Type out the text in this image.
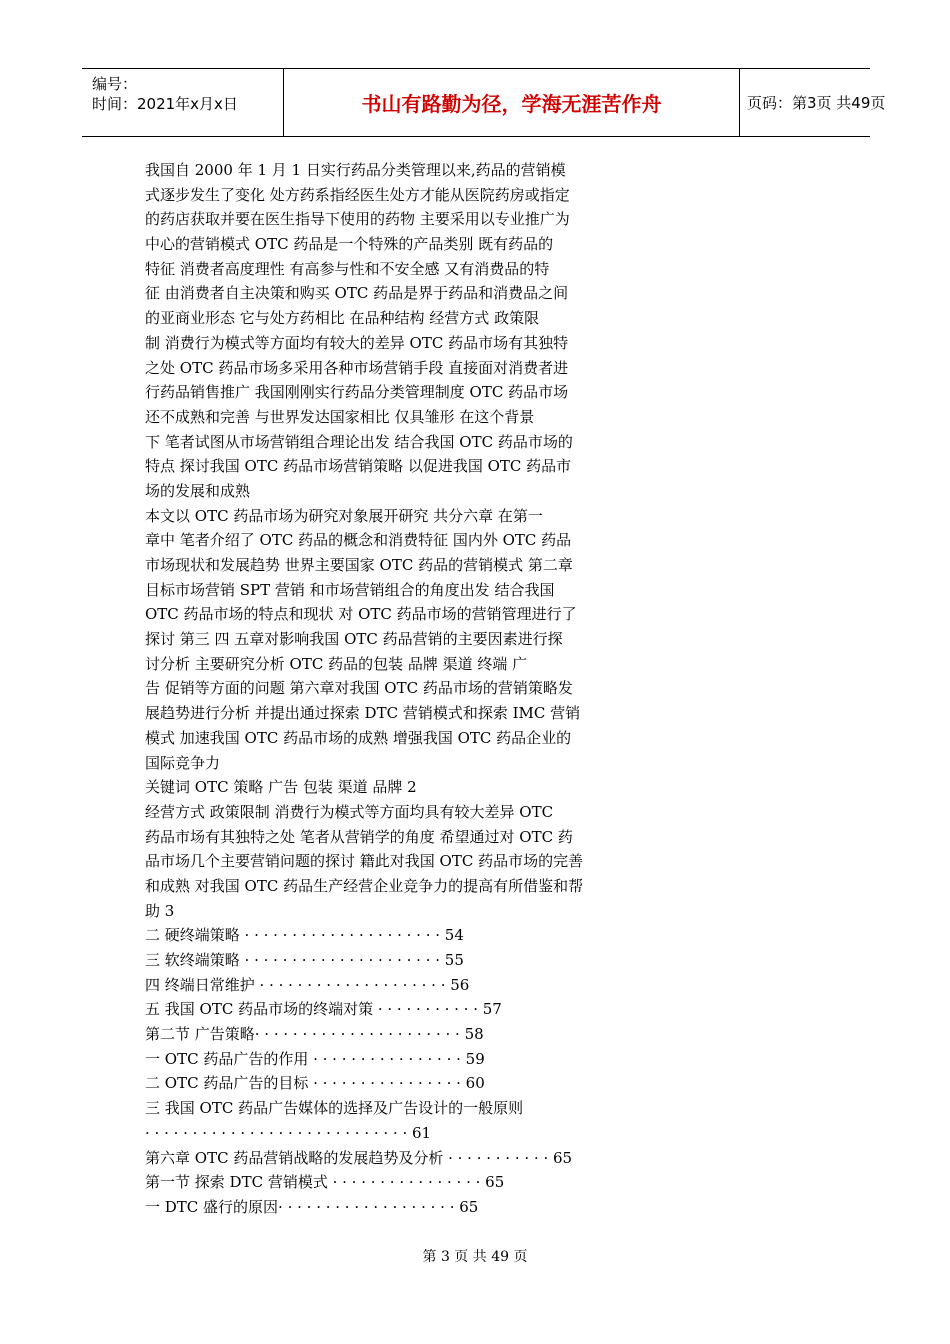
编号：
时间：2021年x月x日	书山有路勤为径，学海无涯苦作舟	页码：第3页 共49页
我国自 2000 年 1 月 1 日实行药品分类管理以来,药品的营销模
式逐步发生了变化 处方药系指经医生处方才能从医院药房或指定
的药店获取并要在医生指导下使用的药物 主要采用以专业推广为
中心的营销模式 OTC 药品是一个特殊的产品类别 既有药品的
特征 消费者高度理性 有高参与性和不安全感 又有消费品的特
征 由消费者自主决策和购买 OTC 药品是界于药品和消费品之间
的亚商业形态 它与处方药相比 在品种结构 经营方式 政策限
制 消费行为模式等方面均有较大的差异 OTC 药品市场有其独特
之处 OTC 药品市场多采用各种市场营销手段 直接面对消费者进
行药品销售推广 我国刚刚实行药品分类管理制度 OTC 药品市场
还不成熟和完善 与世界发达国家相比 仅具雏形 在这个背景
下 笔者试图从市场营销组合理论出发 结合我国 OTC 药品市场的
特点 探讨我国 OTC 药品市场营销策略 以促进我国 OTC 药品市
场的发展和成熟
本文以 OTC 药品市场为研究对象展开研究 共分六章 在第一
章中 笔者介绍了 OTC 药品的概念和消费特征 国内外 OTC 药品
市场现状和发展趋势 世界主要国家 OTC 药品的营销模式 第二章
目标市场营销 SPT 营销 和市场营销组合的角度出发 结合我国
OTC 药品市场的特点和现状 对 OTC 药品市场的营销管理进行了
探讨 第三 四 五章对影响我国 OTC 药品营销的主要因素进行探
讨分析 主要研究分析 OTC 药品的包装 品牌 渠道 终端 广
告 促销等方面的问题 第六章对我国 OTC 药品市场的营销策略发
展趋势进行分析 并提出通过探索 DTC 营销模式和探索 IMC 营销
模式 加速我国 OTC 药品市场的成熟 增强我国 OTC 药品企业的
国际竞争力
关键词 OTC 策略 广告 包装 渠道 品牌 2
经营方式 政策限制 消费行为模式等方面均具有较大差异 OTC
药品市场有其独特之处 笔者从营销学的角度 希望通过对 OTC 药
品市场几个主要营销问题的探讨 籍此对我国 OTC 药品市场的完善
和成熟 对我国 OTC 药品生产经营企业竞争力的提高有所借鉴和帮
助 3
二 硬终端策略 · · · · · · · · · · · · · · · · · · · · · 54
三 软终端策略 · · · · · · · · · · · · · · · · · · · · · 55
四 终端日常维护 · · · · · · · · · · · · · · · · · · · · 56
五 我国 OTC 药品市场的终端对策 · · · · · · · · · · · 57
第二节 广告策略· · · · · · · · · · · · · · · · · · · · · · 58
一 OTC 药品广告的作用 · · · · · · · · · · · · · · · · 59
二 OTC 药品广告的目标 · · · · · · · · · · · · · · · · 60
三 我国 OTC 药品广告媒体的选择及广告设计的一般原则
· · · · · · · · · · · · · · · · · · · · · · · · · · · · 61
第六章 OTC 药品营销战略的发展趋势及分析 · · · · · · · · · · · 65
第一节 探索 DTC 营销模式 · · · · · · · · · · · · · · · · 65
一 DTC 盛行的原因· · · · · · · · · · · · · · · · · · · 65
第 3 页 共 49 页
